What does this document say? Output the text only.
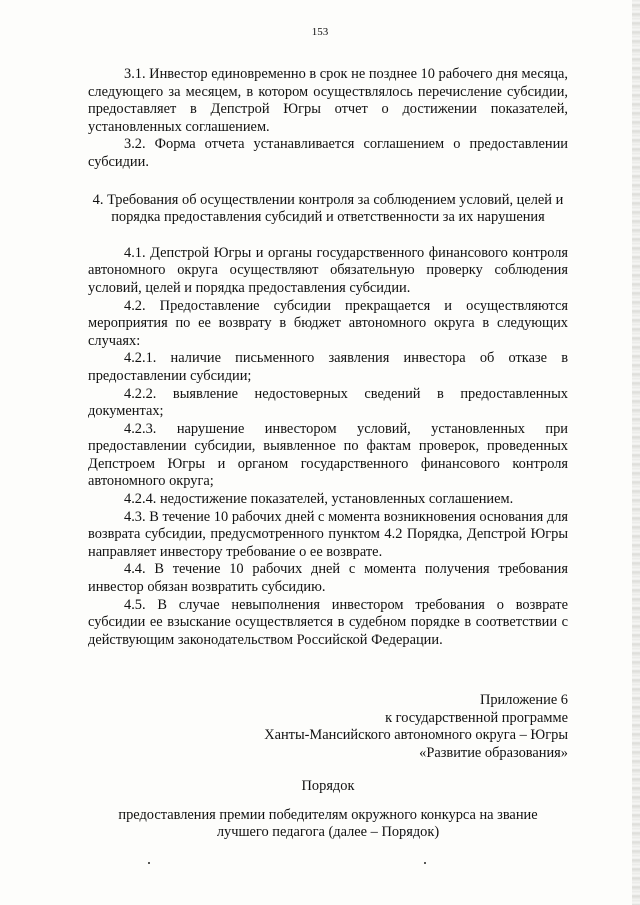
153

3.1. Инвестор единовременно в срок не позднее 10 рабочего дня месяца, следующего за месяцем, в котором осуществлялось перечисление субсидии, предоставляет в Депстрой Югры отчет о достижении показателей, установленных соглашением.

3.2. Форма отчета устанавливается соглашением о предоставлении субсидии.

4. Требования об осуществлении контроля за соблюдением условий, целей и порядка предоставления субсидий и ответственности за их нарушения

4.1. Депстрой Югры и органы государственного финансового контроля автономного округа осуществляют обязательную проверку соблюдения условий, целей и порядка предоставления субсидии.

4.2. Предоставление субсидии прекращается и осуществляются мероприятия по ее возврату в бюджет автономного округа в следующих случаях:

4.2.1. наличие письменного заявления инвестора об отказе в предоставлении субсидии;

4.2.2. выявление недостоверных сведений в предоставленных документах;

4.2.3. нарушение инвестором условий, установленных при предоставлении субсидии, выявленное по фактам проверок, проведенных Депстроем Югры и органом государственного финансового контроля автономного округа;

4.2.4. недостижение показателей, установленных соглашением.

4.3. В течение 10 рабочих дней с момента возникновения основания для возврата субсидии, предусмотренного пунктом 4.2 Порядка, Депстрой Югры направляет инвестору требование о ее возврате.

4.4. В течение 10 рабочих дней с момента получения требования инвестор обязан возвратить субсидию.

4.5. В случае невыполнения инвестором требования о возврате субсидии ее взыскание осуществляется в судебном порядке в соответствии с действующим законодательством Российской Федерации.

Приложение 6
к государственной программе
Ханты-Мансийского автономного округа – Югры
«Развитие образования»
Порядок
предоставления премии победителям окружного конкурса на звание
лучшего педагога (далее – Порядок)
